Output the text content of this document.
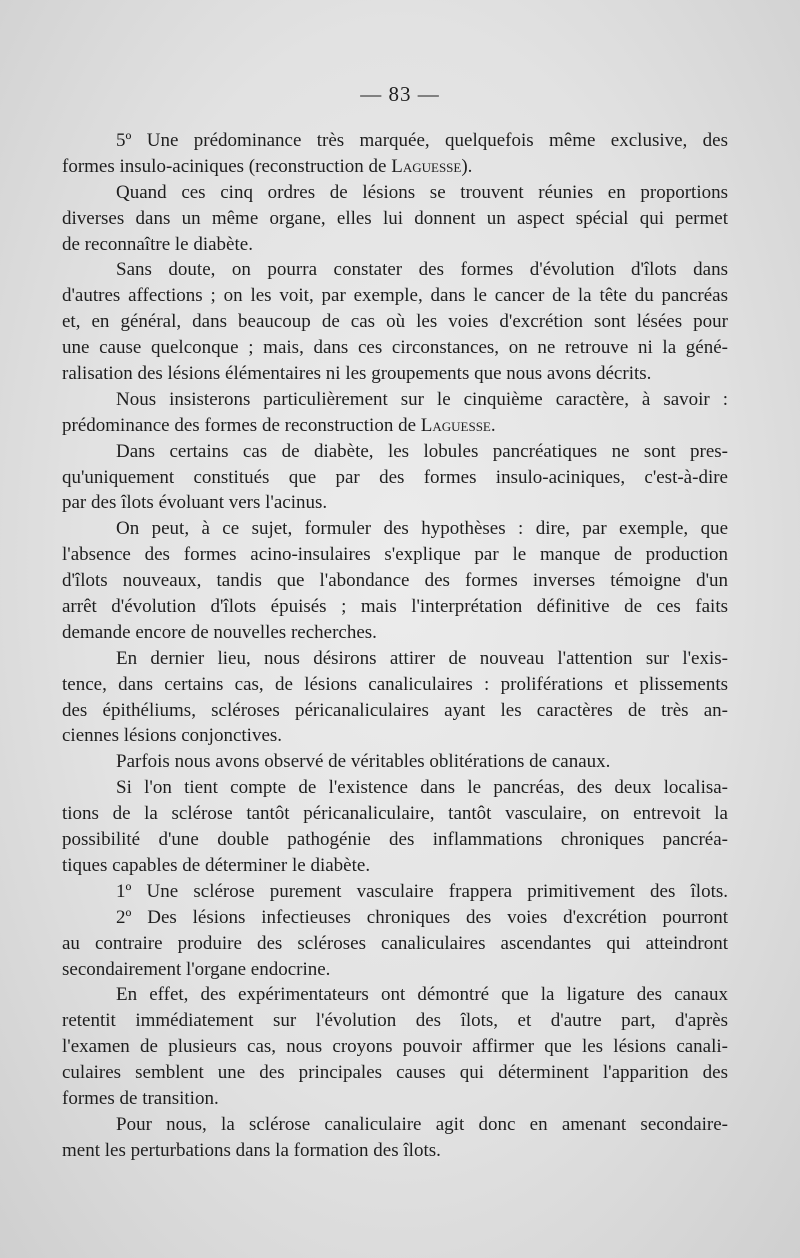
— 83 —
5º Une prédominance très marquée, quelquefois même exclusive, des
formes insulo-aciniques (reconstruction de Laguesse).
Quand ces cinq ordres de lésions se trouvent réunies en proportions
diverses dans un même organe, elles lui donnent un aspect spécial qui permet
de reconnaître le diabète.
Sans doute, on pourra constater des formes d'évolution d'îlots dans
d'autres affections ; on les voit, par exemple, dans le cancer de la tête du pancréas
et, en général, dans beaucoup de cas où les voies d'excrétion sont lésées pour
une cause quelconque ; mais, dans ces circonstances, on ne retrouve ni la géné-
ralisation des lésions élémentaires ni les groupements que nous avons décrits.
Nous insisterons particulièrement sur le cinquième caractère, à savoir :
prédominance des formes de reconstruction de Laguesse.
Dans certains cas de diabète, les lobules pancréatiques ne sont pres-
qu'uniquement constitués que par des formes insulo-aciniques, c'est-à-dire
par des îlots évoluant vers l'acinus.
On peut, à ce sujet, formuler des hypothèses : dire, par exemple, que
l'absence des formes acino-insulaires s'explique par le manque de production
d'îlots nouveaux, tandis que l'abondance des formes inverses témoigne d'un
arrêt d'évolution d'îlots épuisés ; mais l'interprétation définitive de ces faits
demande encore de nouvelles recherches.
En dernier lieu, nous désirons attirer de nouveau l'attention sur l'exis-
tence, dans certains cas, de lésions canaliculaires : proliférations et plissements
des épithéliums, scléroses péricanaliculaires ayant les caractères de très an-
ciennes lésions conjonctives.
Parfois nous avons observé de véritables oblitérations de canaux.
Si l'on tient compte de l'existence dans le pancréas, des deux localisa-
tions de la sclérose tantôt péricanaliculaire, tantôt vasculaire, on entrevoit la
possibilité d'une double pathogénie des inflammations chroniques pancréa-
tiques capables de déterminer le diabète.
1º Une sclérose purement vasculaire frappera primitivement des îlots.
2º Des lésions infectieuses chroniques des voies d'excrétion pourront
au contraire produire des scléroses canaliculaires ascendantes qui atteindront
secondairement l'organe endocrine.
En effet, des expérimentateurs ont démontré que la ligature des canaux
retentit immédiatement sur l'évolution des îlots, et d'autre part, d'après
l'examen de plusieurs cas, nous croyons pouvoir affirmer que les lésions canali-
culaires semblent une des principales causes qui déterminent l'apparition des
formes de transition.
Pour nous, la sclérose canaliculaire agit donc en amenant secondaire-
ment les perturbations dans la formation des îlots.
